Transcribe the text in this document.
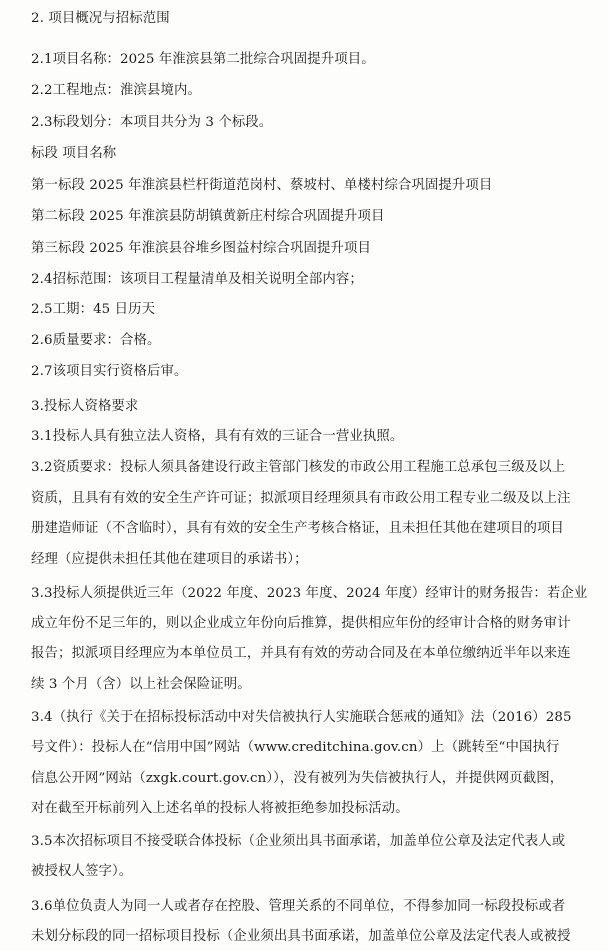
2. 项目概况与招标范围
2.1项目名称：2025 年淮滨县第二批综合巩固提升项目。
2.2工程地点：淮滨县境内。
2.3标段划分：本项目共分为 3 个标段。
标段 项目名称
第一标段 2025 年淮滨县栏杆街道范岗村、蔡坡村、单楼村综合巩固提升项目
第二标段 2025 年淮滨县防胡镇黄新庄村综合巩固提升项目
第三标段 2025 年淮滨县谷堆乡图益村综合巩固提升项目
2.4招标范围：该项目工程量清单及相关说明全部内容；
2.5工期：45 日历天
2.6质量要求：合格。
2.7该项目实行资格后审。
3.投标人资格要求
3.1投标人具有独立法人资格，具有有效的三证合一营业执照。
3.2资质要求：投标人须具备建设行政主管部门核发的市政公用工程施工总承包三级及以上
资质，且具有有效的安全生产许可证；拟派项目经理须具有市政公用工程专业二级及以上注
册建造师证（不含临时），具有有效的安全生产考核合格证，且未担任其他在建项目的项目
经理（应提供未担任其他在建项目的承诺书）；
3.3投标人须提供近三年（2022 年度、2023 年度、2024 年度）经审计的财务报告：若企业
成立年份不足三年的，则以企业成立年份向后推算，提供相应年份的经审计合格的财务审计
报告；拟派项目经理应为本单位员工，并具有有效的劳动合同及在本单位缴纳近半年以来连
续 3 个月（含）以上社会保险证明。
3.4（执行《关于在招标投标活动中对失信被执行人实施联合惩戒的通知》法（2016）285
号文件）：投标人在“信用中国”网站（www.creditchina.gov.cn）上（跳转至“中国执行
信息公开网”网站（zxgk.court.gov.cn）），没有被列为失信被执行人，并提供网页截图，
对在截至开标前列入上述名单的投标人将被拒绝参加投标活动。
3.5本次招标项目不接受联合体投标（企业须出具书面承诺，加盖单位公章及法定代表人或
被授权人签字）。
3.6单位负责人为同一人或者存在控股、管理关系的不同单位，不得参加同一标段投标或者
未划分标段的同一招标项目投标（企业须出具书面承诺，加盖单位公章及法定代表人或被授
